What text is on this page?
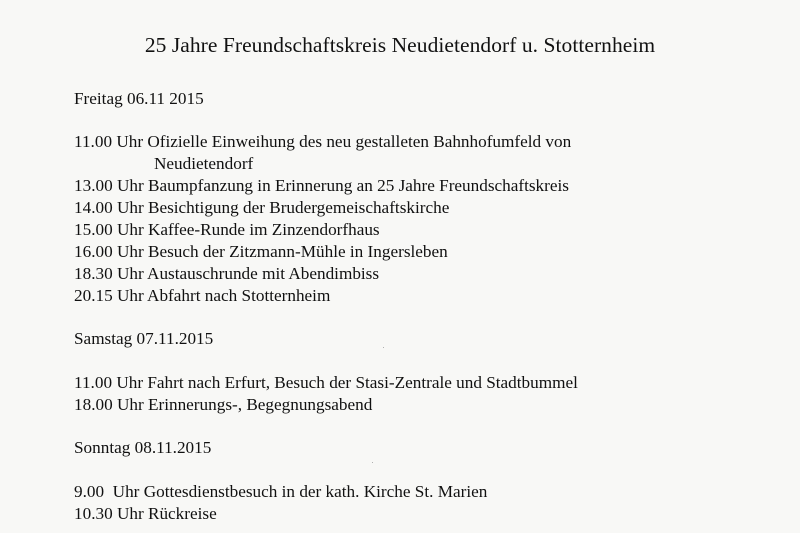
25 Jahre Freundschaftskreis Neudietendorf u. Stotternheim
Freitag 06.11 2015
11.00 Uhr Ofizielle Einweihung des neu gestalleten Bahnhofumfeld von
Neudietendorf
13.00 Uhr Baumpfanzung in Erinnerung an 25 Jahre Freundschaftskreis
14.00 Uhr Besichtigung der Brudergemeischaftskirche
15.00 Uhr Kaffee-Runde im Zinzendorfhaus
16.00 Uhr Besuch der Zitzmann-Mühle in Ingersleben
18.30 Uhr Austauschrunde mit Abendimbiss
20.15 Uhr Abfahrt nach Stotternheim
Samstag 07.11.2015
11.00 Uhr Fahrt nach Erfurt, Besuch der Stasi-Zentrale und Stadtbummel
18.00 Uhr Erinnerungs-, Begegnungsabend
Sonntag 08.11.2015
9.00  Uhr Gottesdienstbesuch in der kath. Kirche St. Marien
10.30 Uhr Rückreise
